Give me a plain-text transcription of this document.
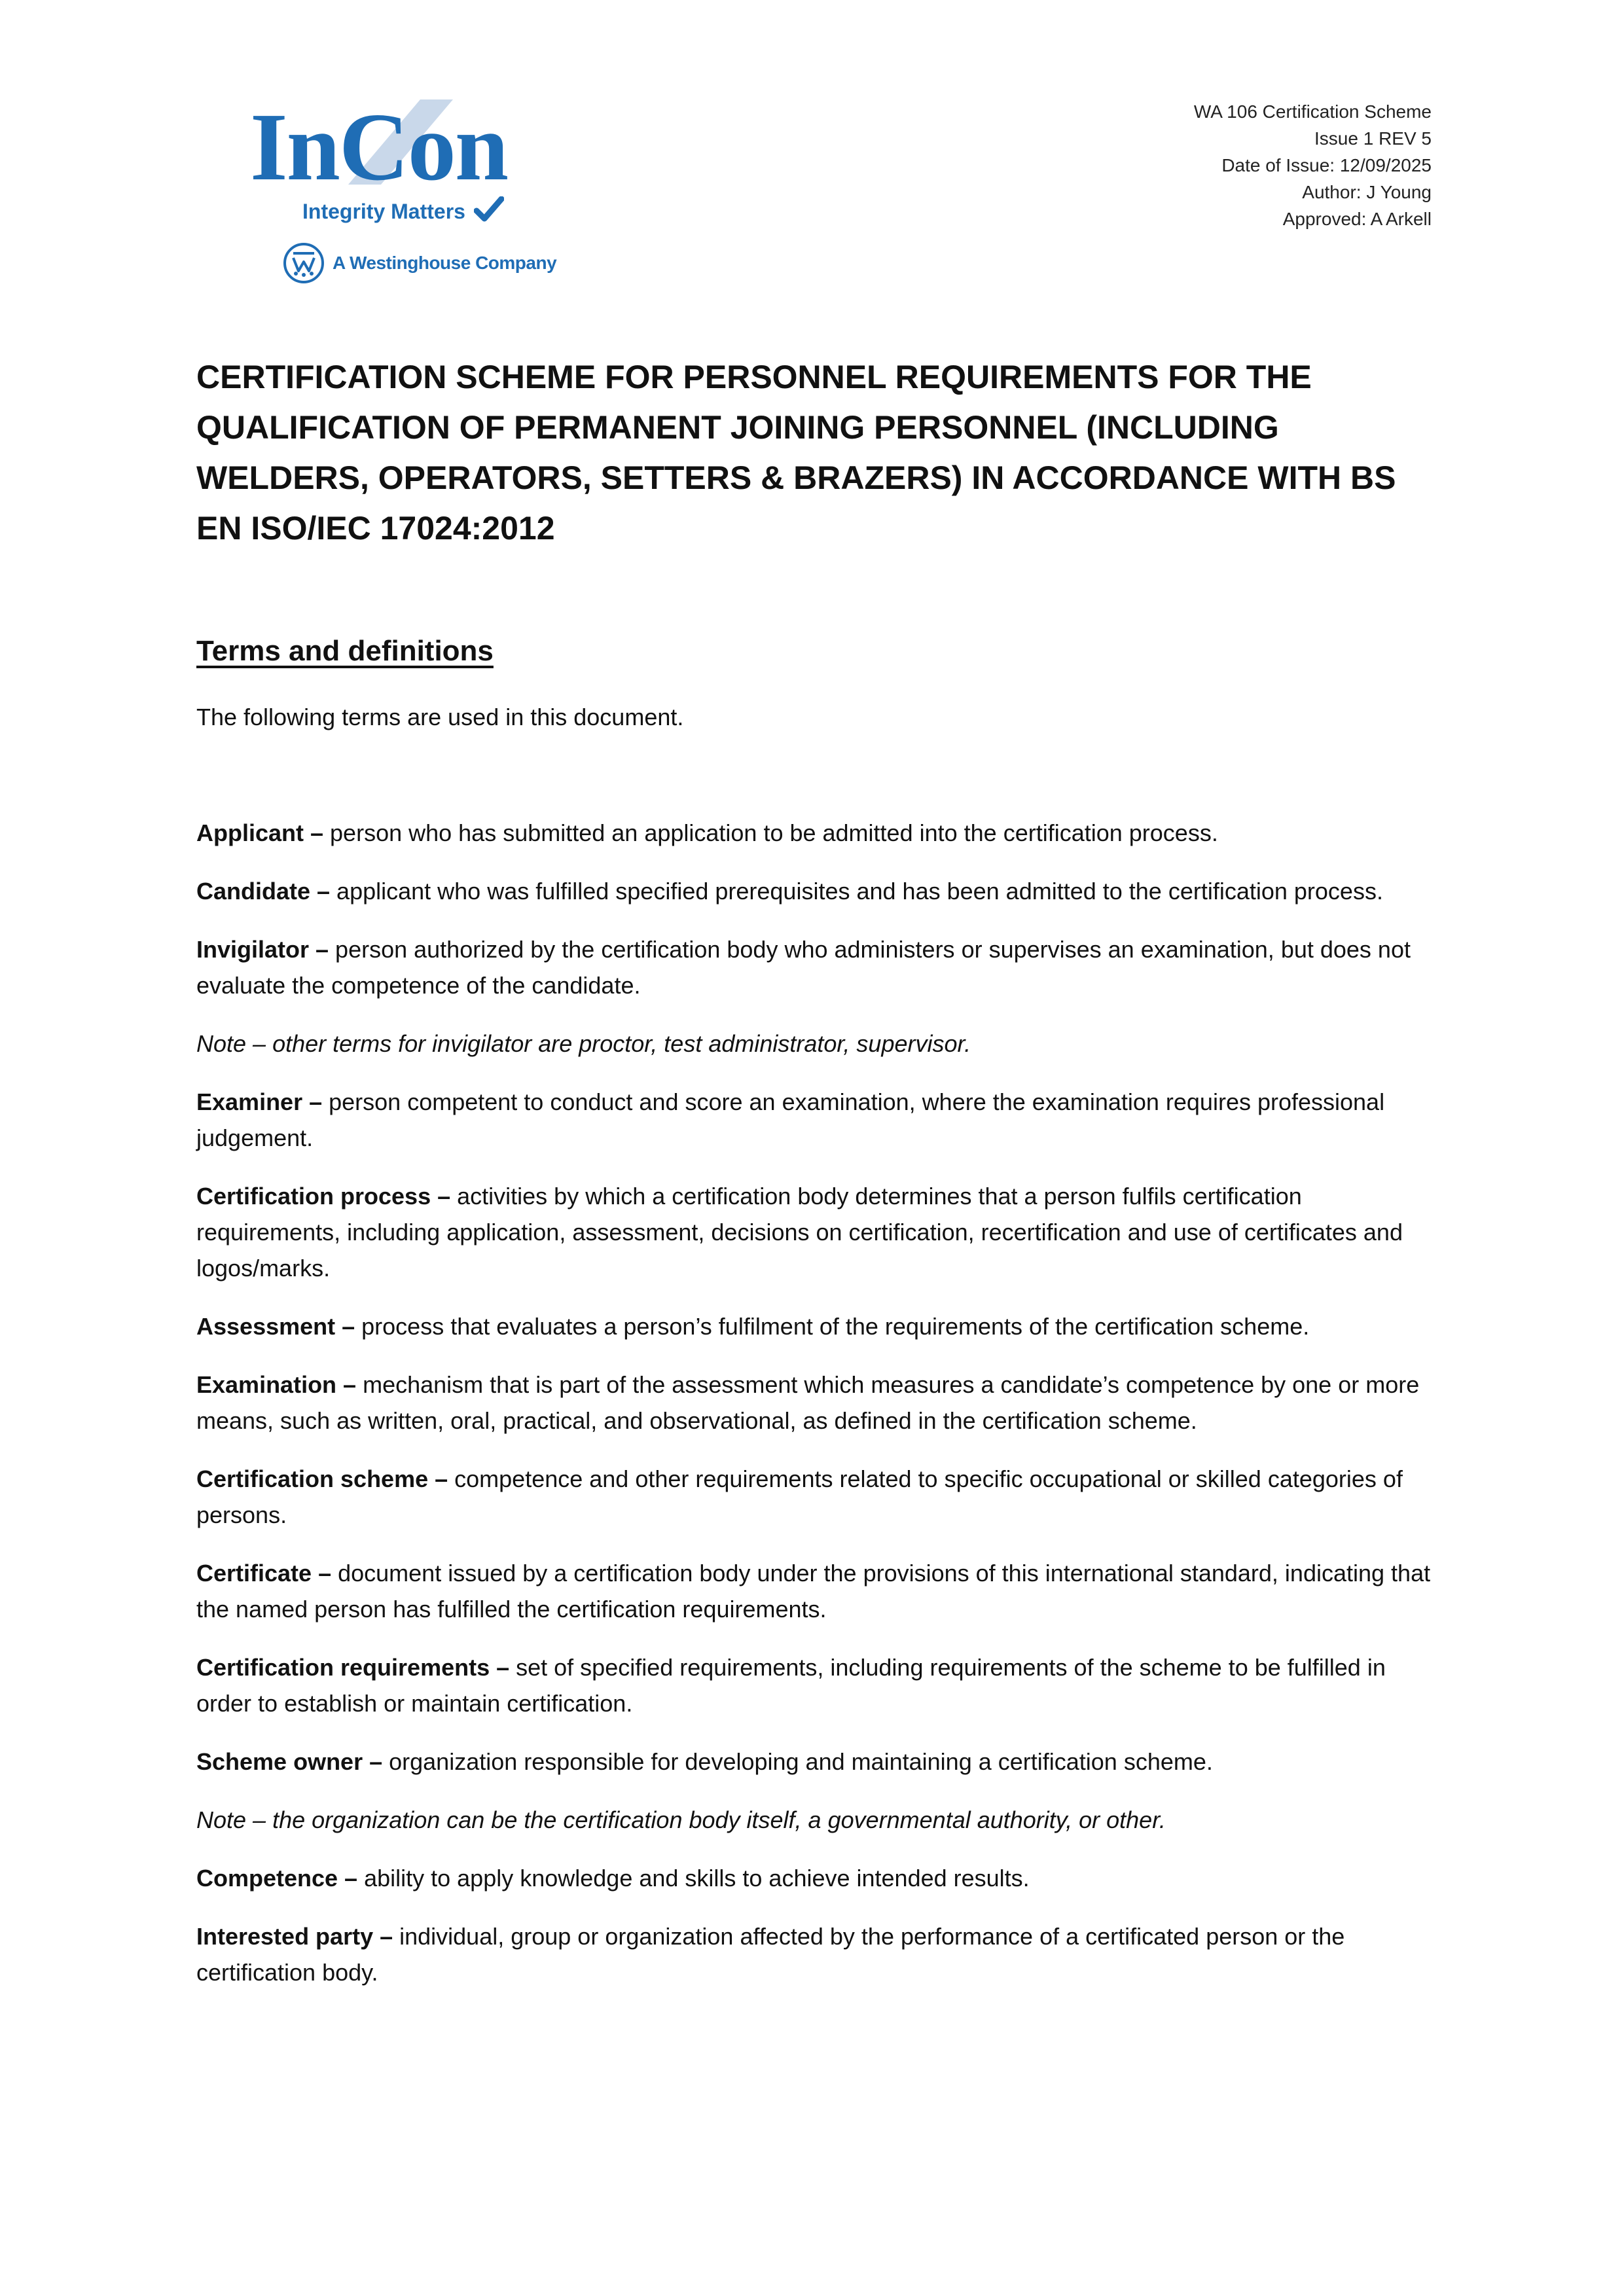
InCon
Integrity Matters
A Westinghouse Company
WA 106 Certification Scheme
Issue 1 REV 5
Date of Issue: 12/09/2025
Author: J Young
Approved: A Arkell
CERTIFICATION SCHEME FOR PERSONNEL REQUIREMENTS FOR THE QUALIFICATION OF PERMANENT JOINING PERSONNEL (INCLUDING WELDERS, OPERATORS, SETTERS & BRAZERS) IN ACCORDANCE WITH BS EN ISO/IEC 17024:2012
Terms and definitions
The following terms are used in this document.

Applicant – person who has submitted an application to be admitted into the certification process.

Candidate – applicant who was fulfilled specified prerequisites and has been admitted to the certification process.

Invigilator – person authorized by the certification body who administers or supervises an examination, but does not evaluate the competence of the candidate.

Note – other terms for invigilator are proctor, test administrator, supervisor.

Examiner – person competent to conduct and score an examination, where the examination requires professional judgement.

Certification process – activities by which a certification body determines that a person fulfils certification requirements, including application, assessment, decisions on certification, recertification and use of certificates and logos/marks.

Assessment – process that evaluates a person’s fulfilment of the requirements of the certification scheme.

Examination – mechanism that is part of the assessment which measures a candidate’s competence by one or more means, such as written, oral, practical, and observational, as defined in the certification scheme.

Certification scheme – competence and other requirements related to specific occupational or skilled categories of persons.

Certificate – document issued by a certification body under the provisions of this international standard, indicating that the named person has fulfilled the certification requirements.

Certification requirements – set of specified requirements, including requirements of the scheme to be fulfilled in order to establish or maintain certification.

Scheme owner – organization responsible for developing and maintaining a certification scheme.

Note – the organization can be the certification body itself, a governmental authority, or other.

Competence – ability to apply knowledge and skills to achieve intended results.

Interested party – individual, group or organization affected by the performance of a certificated person or the certification body.
